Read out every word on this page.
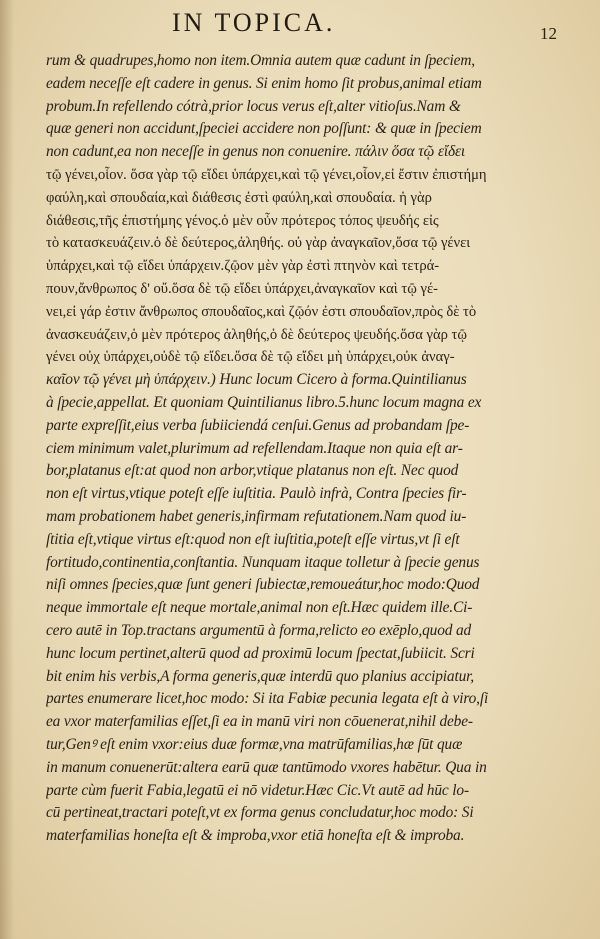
IN TOPICA.	12
rum & quadrupes,homo non item.Omnia autem quæ cadunt in ſpeciem,
eadem neceſſe eſt cadere in genus. Si enim homo ſit probus,animal etiam
probum.In refellendo cótrà,prior locus verus eſt,alter vitioſus.Nam &
quæ generi non accidunt,ſpeciei accidere non poſſunt: & quæ in ſpeciem
non cadunt,ea non neceſſe in genus non conuenire. πάλιν ὅσα τῷ εἴδει
τῷ γένει,οἷον. ὅσα γὰρ τῷ εἴδει ὑπάρχει,καὶ τῷ γένει,οἷον,εἰ ἔστιν ἐπιστήμη
φαύλη,καὶ σπουδαία,καὶ διάθεσις ἐστὶ φαύλη,καὶ σπουδαία. ἡ γὰρ
διάθεσις,τῆς ἐπιστήμης γένος.ὁ μὲν οὖν πρότερος τόπος ψευδής εἰς
τὸ κατασκευάζειν.ὁ δὲ δεύτερος,ἀληθής. οὐ γὰρ ἀναγκαῖον,ὅσα τῷ γένει
ὑπάρχει,καὶ τῷ εἴδει ὑπάρχειν.ζῷον μὲν γὰρ ἐστὶ πτηνὸν καὶ τετρά-
πουν,ἄνθρωπος δ' οὔ.ὅσα δὲ τῷ εἴδει ὑπάρχει,ἀναγκαῖον καὶ τῷ γέ-
νει,εἰ γάρ ἐστιν ἄνθρωπος σπουδαῖος,καὶ ζῷόν ἐστι σπουδαῖον,πρὸς δὲ τὸ
ἀνασκευάζειν,ὁ μὲν πρότερος ἀληθής,ὁ δὲ δεύτερος ψευδής.ὅσα γὰρ τῷ
γένει οὐχ ὑπάρχει,οὐδὲ τῷ εἴδει.ὅσα δὲ τῷ εἴδει μὴ ὑπάρχει,οὐκ ἀναγ-
καῖον τῷ γένει μὴ ὑπάρχειν.) Hunc locum Cicero à forma.Quintilianus
à ſpecie,appellat. Et quoniam Quintilianus libro.5.hunc locum magna ex
parte expreſſit,eius verba ſubiiciendá cenſui.Genus ad probandam ſpe-
ciem minimum valet,plurimum ad refellendam.Itaque non quia eſt ar-
bor,platanus eſt:at quod non arbor,vtique platanus non eſt. Nec quod
non eſt virtus,vtique poteſt eſſe iuſtitia. Paulò infrà, Contra ſpecies fir-
mam probationem habet generis,infirmam refutationem.Nam quod iu-
ſtitia eſt,vtique virtus eſt:quod non eſt iuſtitia,poteſt eſſe virtus,vt ſi eſt
fortitudo,continentia,conſtantia. Nunquam itaque tolletur à ſpecie genus
niſi omnes ſpecies,quæ ſunt generi ſubiectæ,remoueátur,hoc modo:Quod
neque immortale eſt neque mortale,animal non eſt.Hæc quidem ille.Ci-
cero autē in Top.tractans argumentū à forma,relicto eo exēplo,quod ad
hunc locum pertinet,alterū quod ad proximū locum ſpectat,ſubiicit. Scri
bit enim his verbis,A forma generis,quæ interdū quo planius accipiatur,
partes enumerare licet,hoc modo: Si ita Fabiæ pecunia legata eſt à viro,ſi
ea vxor materfamilias eſſet,ſi ea in manū viri non cōuenerat,nihil debe-
tur,Genꝰ eſt enim vxor:eius duæ formæ,vna matrūfamilias,hæ ſūt quæ
in manum conuenerūt:altera earū quæ tantūmodo vxores habētur. Qua in
parte cùm fuerit Fabia,legatū ei nō videtur.Hæc Cic.Vt autē ad hūc lo-
cū pertineat,tractari poteſt,vt ex forma genus concludatur,hoc modo: Si
materfamilias honeſta eſt & improba,vxor etiā honeſta eſt & improba.
